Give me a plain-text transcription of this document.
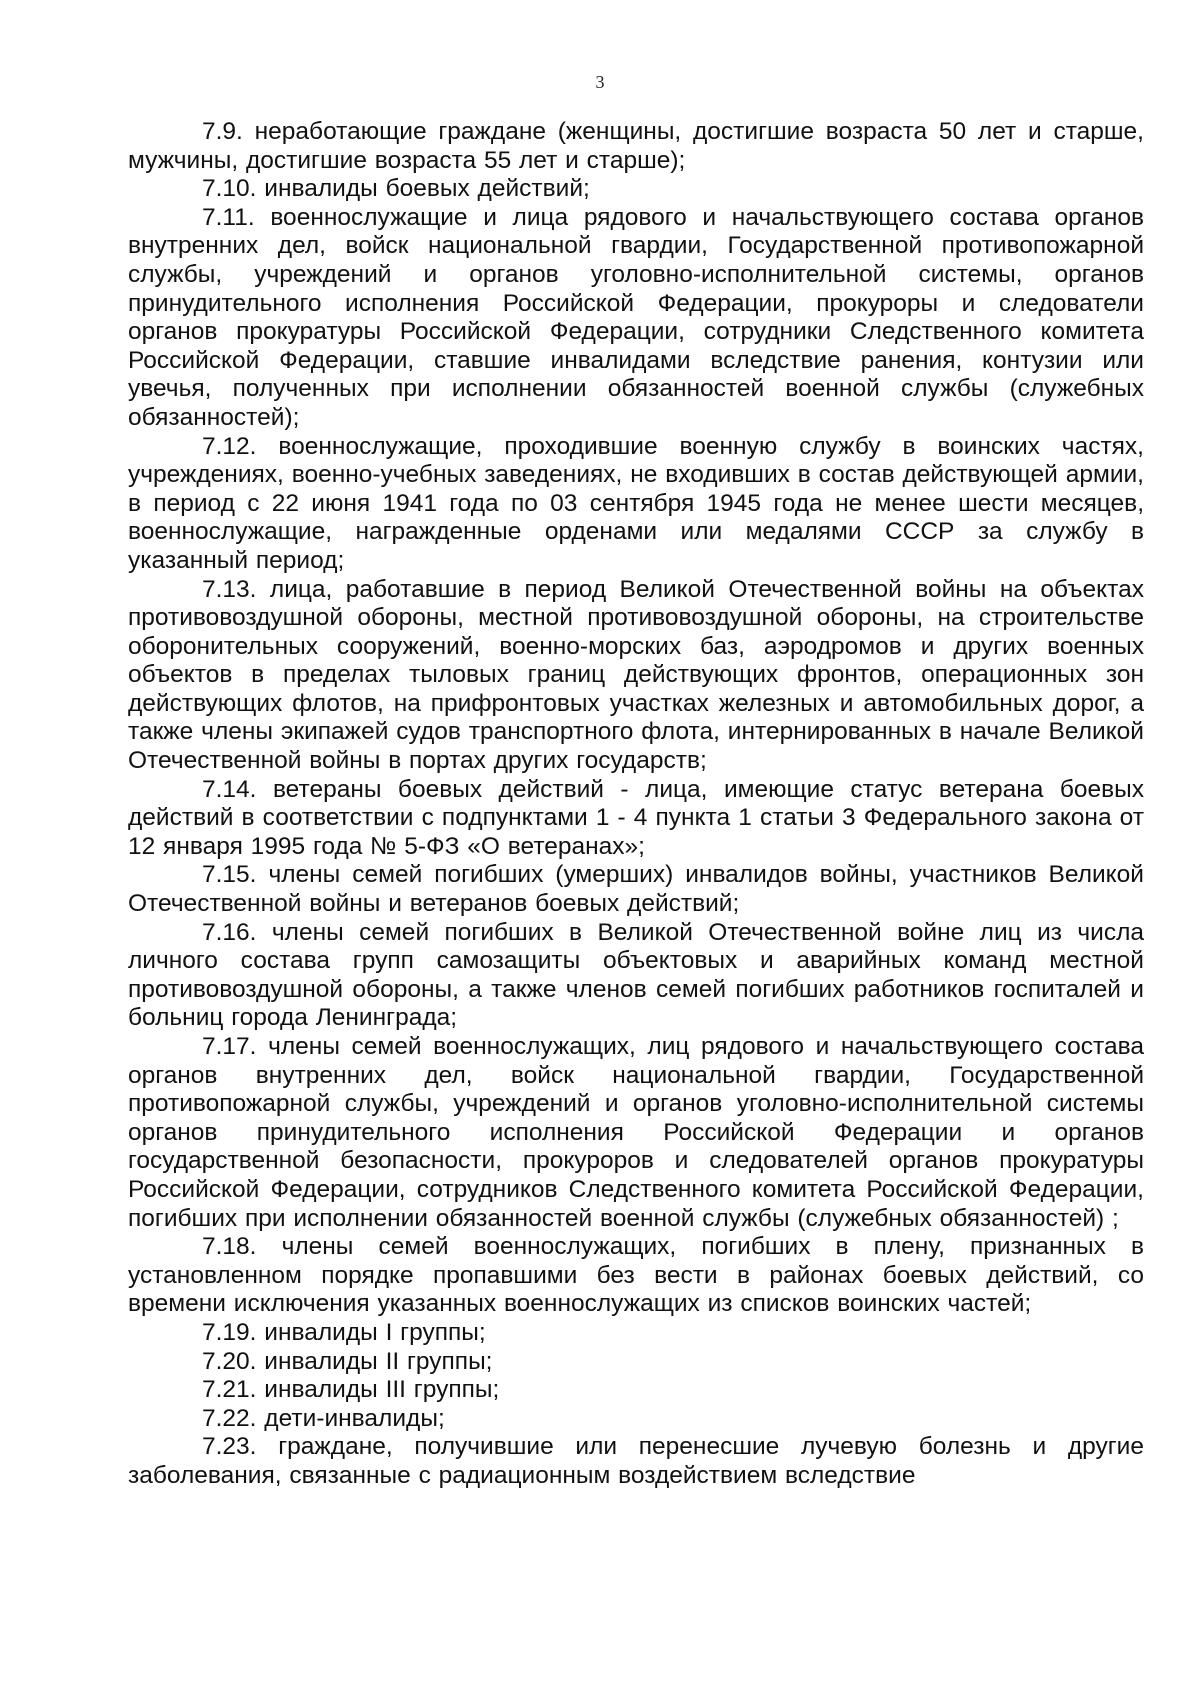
3

7.9. неработающие граждане (женщины, достигшие возраста 50 лет и старше, мужчины, достигшие возраста 55 лет и старше);

7.10. инвалиды боевых действий;

7.11. военнослужащие и лица рядового и начальствующего состава органов внутренних дел, войск национальной гвардии, Государственной противопожарной службы, учреждений и органов уголовно-исполнительной системы, органов принудительного исполнения Российской Федерации, прокуроры и следователи органов прокуратуры Российской Федерации, сотрудники Следственного комитета Российской Федерации, ставшие инвалидами вследствие ранения, контузии или увечья, полученных при исполнении обязанностей военной службы (служебных обязанностей);

7.12. военнослужащие, проходившие военную службу в воинских частях, учреждениях, военно-учебных заведениях, не входивших в состав действующей армии, в период с 22 июня 1941 года по 03 сентября 1945 года не менее шести месяцев, военнослужащие, награжденные орденами или медалями СССР за службу в указанный период;

7.13. лица, работавшие в период Великой Отечественной войны на объектах противовоздушной обороны, местной противовоздушной обороны, на строительстве оборонительных сооружений, военно-морских баз, аэродромов и других военных объектов в пределах тыловых границ действующих фронтов, операционных зон действующих флотов, на прифронтовых участках железных и автомобильных дорог, а также члены экипажей судов транспортного флота, интернированных в начале Великой Отечественной войны в портах других государств;

7.14. ветераны боевых действий - лица, имеющие статус ветерана боевых действий в соответствии с подпунктами 1 - 4 пункта 1 статьи 3 Федерального закона от 12 января 1995 года № 5-ФЗ «О ветеранах»;

7.15. члены семей погибших (умерших) инвалидов войны, участников Великой Отечественной войны и ветеранов боевых действий;

7.16. члены семей погибших в Великой Отечественной войне лиц из числа личного состава групп самозащиты объектовых и аварийных команд местной противовоздушной обороны, а также членов семей погибших работников госпиталей и больниц города Ленинграда;

7.17. члены семей военнослужащих, лиц рядового и начальствующего состава органов внутренних дел, войск национальной гвардии, Государственной противопожарной службы, учреждений и органов уголовно-исполнительной системы органов принудительного исполнения Российской Федерации и органов государственной безопасности, прокуроров и следователей органов прокуратуры Российской Федерации, сотрудников Следственного комитета Российской Федерации, погибших при исполнении обязанностей военной службы (служебных обязанностей) ;

7.18. члены семей военнослужащих, погибших в плену, признанных в установленном порядке пропавшими без вести в районах боевых действий, со времени исключения указанных военнослужащих из списков воинских частей;

7.19. инвалиды I группы;

7.20. инвалиды II группы;

7.21. инвалиды III группы;

7.22. дети-инвалиды;

7.23. граждане, получившие или перенесшие лучевую болезнь и другие заболевания, связанные с радиационным воздействием вследствие
